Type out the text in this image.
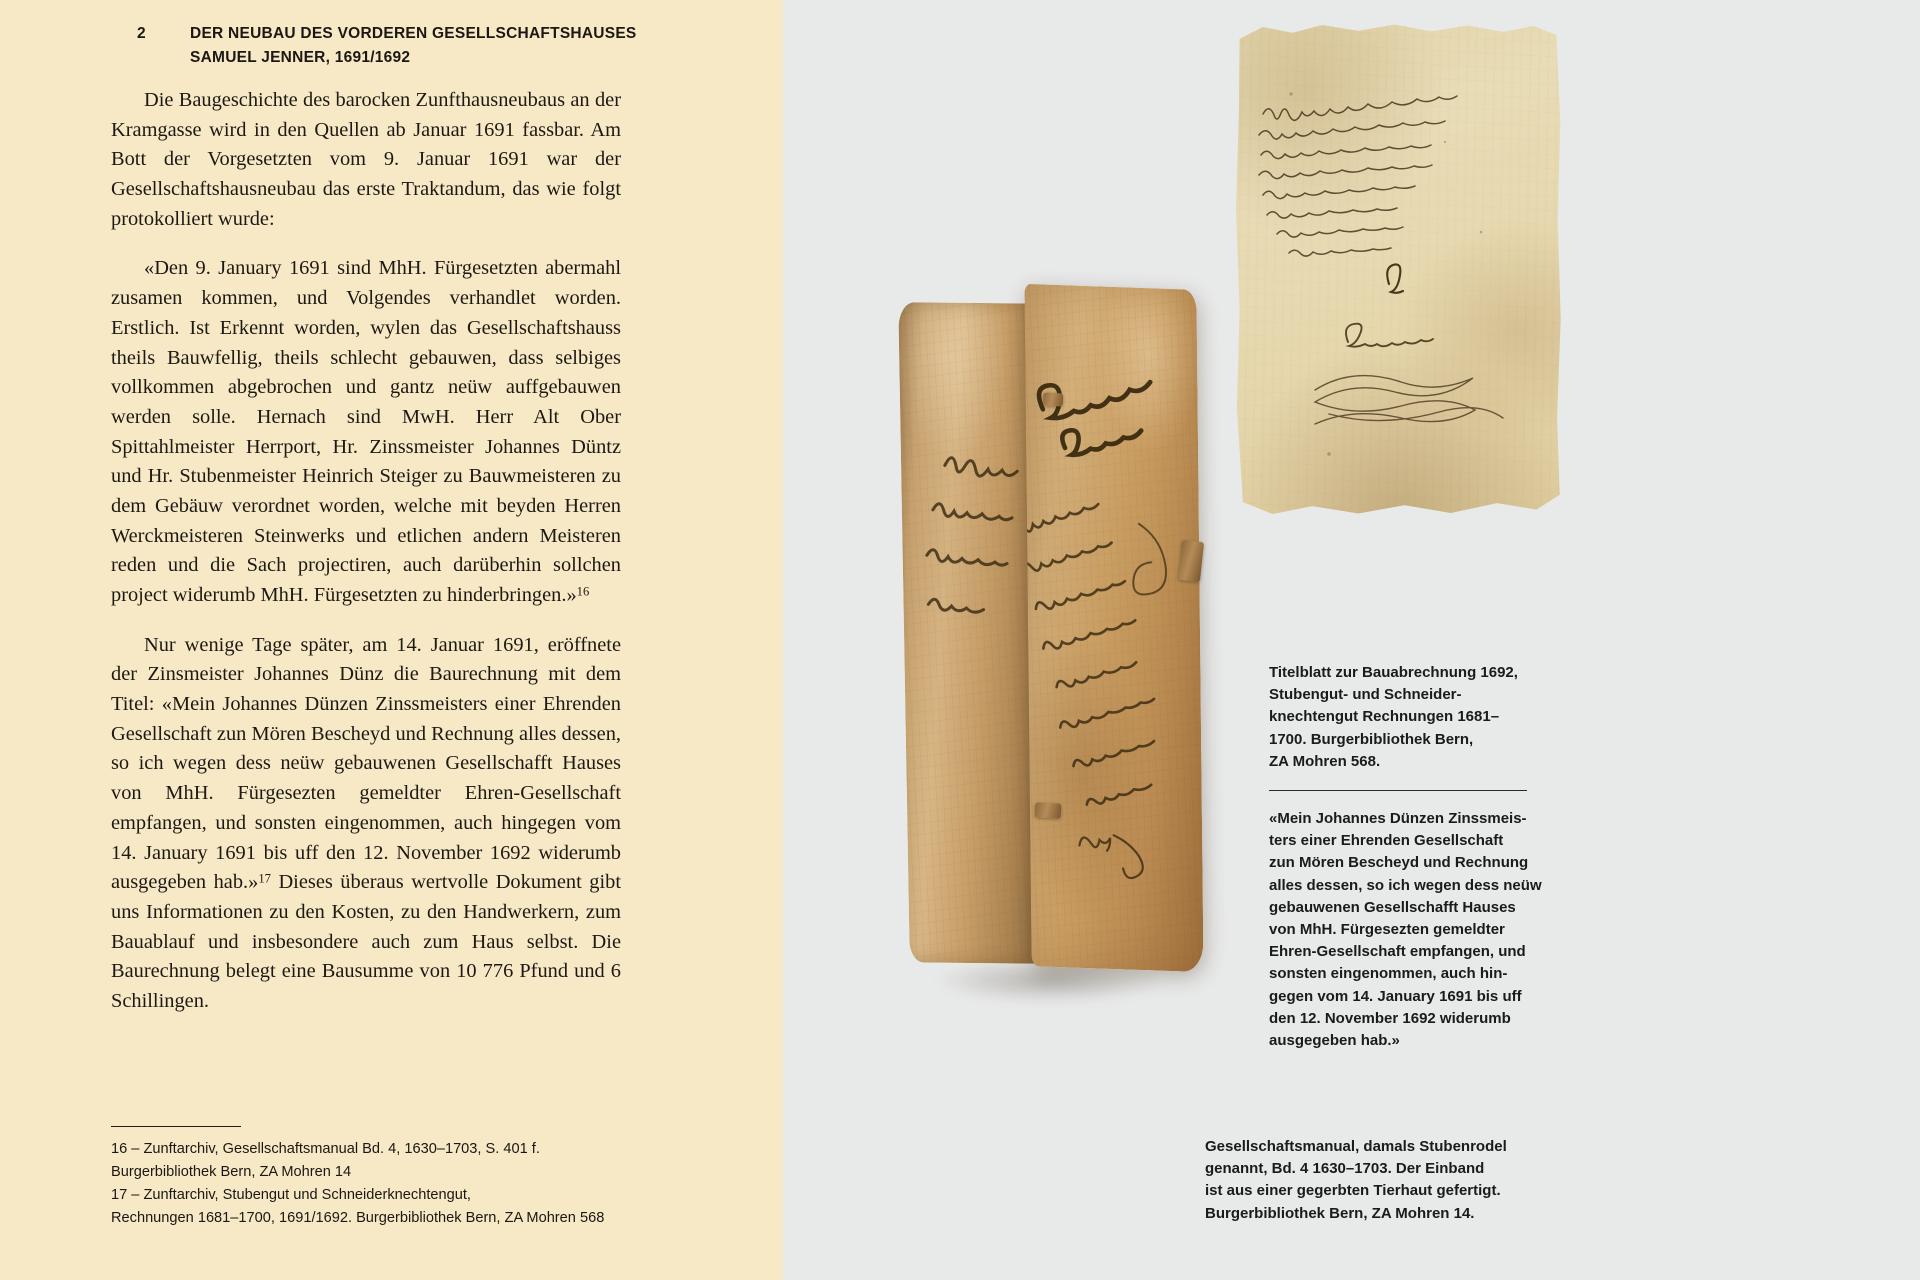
2	DER NEUBAU DES VORDEREN GESELLSCHAFTSHAUSES
SAMUEL JENNER, 1691/1692

Die Baugeschichte des barocken Zunfthausneubaus an der Kramgasse wird in den Quellen ab Januar 1691 fassbar. Am Bott der Vorgesetzten vom 9. Januar 1691 war der Gesellschaftshausneubau das erste Traktandum, das wie folgt protokolliert wurde:

«Den 9. January 1691 sind MhH. Fürgesetzten abermahl zusamen kommen, und Volgendes verhandlet worden. Erstlich. Ist Erkennt worden, wylen das Gesellschaftshauss theils Bauwfellig, theils schlecht gebauwen, dass selbiges vollkommen abgebrochen und gantz neüw auffgebauwen werden solle. Hernach sind MwH. Herr Alt Ober Spittahlmeister Herrport, Hr. Zinssmeister Johannes Düntz und Hr. Stubenmeister Heinrich Steiger zu Bauwmeisteren zu dem Gebäuw verordnet worden, welche mit beyden Herren Werckmeisteren Steinwerks und etlichen andern Meisteren reden und die Sach projectiren, auch darüberhin sollchen project widerumb MhH. Fürgesetzten zu hinderbringen.»$^{16}$

Nur wenige Tage später, am 14. Januar 1691, eröffnete der Zinsmeister Johannes Dünz die Baurechnung mit dem Titel: «Mein Johannes Dünzen Zinssmeisters einer Ehrenden Gesellschaft zun Mören Bescheyd und Rechnung alles dessen, so ich wegen dess neüw gebauwenen Gesellschafft Hauses von MhH. Fürgesezten gemeldter Ehren-Gesellschaft empfangen, und sonsten eingenommen, auch hingegen vom 14. January 1691 bis uff den 12. November 1692 widerumb ausgegeben hab.»$^{17}$ Dieses überaus wertvolle Dokument gibt uns Informationen zu den Kosten, zu den Handwerkern, zum Bauablauf und insbesondere auch zum Haus selbst. Die Baurechnung belegt eine Bausumme von 10 776 Pfund und 6 Schillingen.

16 – Zunftarchiv, Gesellschaftsmanual Bd. 4, 1630–1703, S. 401 f.
Burgerbibliothek Bern, ZA Mohren 14
17 – Zunftarchiv, Stubengut und Schneiderknechtengut,
Rechnungen 1681–1700, 1691/1692. Burgerbibliothek Bern, ZA Mohren 568
Titelblatt zur Bauabrechnung 1692,
Stubengut- und Schneider-
knechtengut Rechnungen 1681–
1700. Burgerbibliothek Bern,
ZA Mohren 568.
«Mein Johannes Dünzen Zinssmeis-
ters einer Ehrenden Gesellschaft
zun Mören Bescheyd und Rechnung
alles dessen, so ich wegen dess neüw
gebauwenen Gesellschafft Hauses
von MhH. Fürgesezten gemeldter
Ehren-Gesellschaft empfangen, und
sonsten eingenommen, auch hin-
gegen vom 14. January 1691 bis uff
den 12. November 1692 widerumb
ausgegeben hab.»
Gesellschaftsmanual, damals Stubenrodel
genannt, Bd. 4 1630–1703. Der Einband
ist aus einer gegerbten Tierhaut gefertigt.
Burgerbibliothek Bern, ZA Mohren 14.
